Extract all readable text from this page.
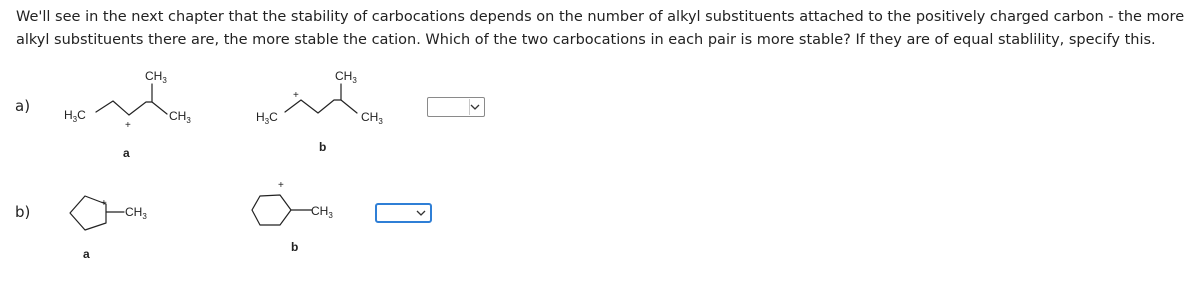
We'll see in the next chapter that the stability of carbocations depends on the number of alkyl substituents attached to the positively charged carbon - the more alkyl substituents there are, the more stable the cation. Which of the two carbocations in each pair is more stable? If they are of equal stablility, specify this.
a)
b)
$CH_3$
$H_3C$	$CH_3$
+
a
$CH_3$
$H_3C$	$CH_3$
+
b
$CH_3$
+
a
$CH_3$
+
b
